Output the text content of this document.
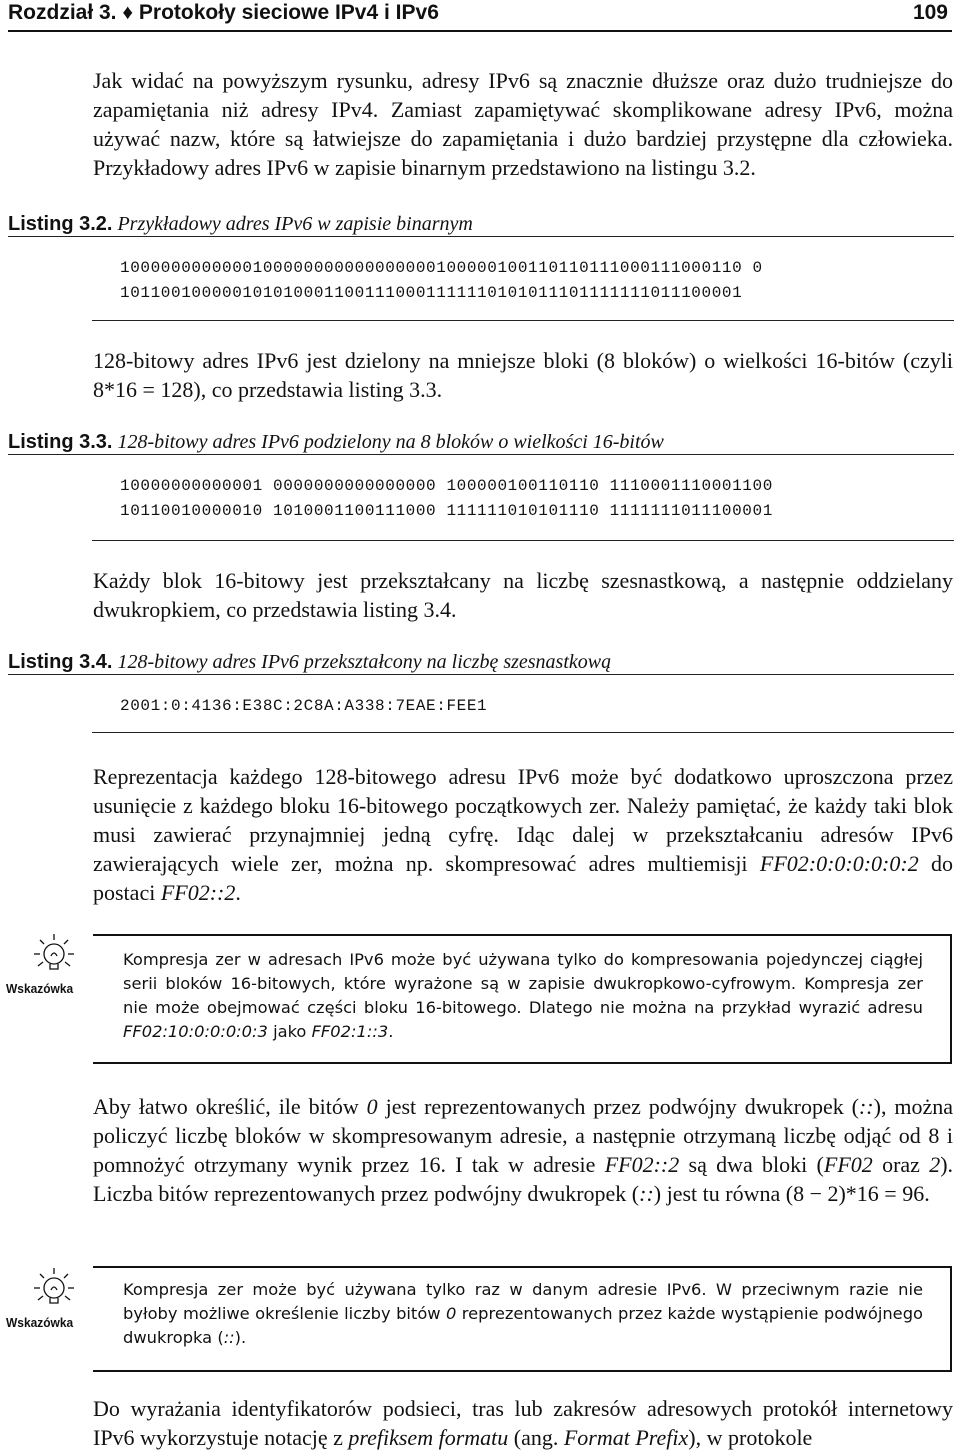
Rozdział 3. ♦ Protokoły sieciowe IPv4 i IPv6	109
Jak widać na powyższym rysunku, adresy IPv6 są znacznie dłuższe oraz dużo trudniejsze do zapamiętania niż adresy IPv4. Zamiast zapamiętywać skomplikowane adresy IPv6, można używać nazw, które są łatwiejsze do zapamiętania i dużo bardziej przystępne dla człowieka. Przykładowy adres IPv6 w zapisie binarnym przedstawiono na listingu 3.2.
Listing 3.2. Przykładowy adres IPv6 w zapisie binarnym
1000000000000100000000000000000100000100110110111000111000110 0
1011001000001010100011001110001111110101011101111111011100001
128-bitowy adres IPv6 jest dzielony na mniejsze bloki (8 bloków) o wielkości 16-bitów (czyli 8*16 = 128), co przedstawia listing 3.3.
Listing 3.3. 128-bitowy adres IPv6 podzielony na 8 bloków o wielkości 16-bitów
10000000000001 0000000000000000 100000100110110 1110001110001100
10110010000010 1010001100111000 111111010101110 1111111011100001
Każdy blok 16-bitowy jest przekształcany na liczbę szesnastkową, a następnie oddzielany dwukropkiem, co przedstawia listing 3.4.
Listing 3.4. 128-bitowy adres IPv6 przekształcony na liczbę szesnastkową
2001:0:4136:E38C:2C8A:A338:7EAE:FEE1
Reprezentacja każdego 128-bitowego adresu IPv6 może być dodatkowo uproszczona przez usunięcie z każdego bloku 16-bitowego początkowych zer. Należy pamiętać, że każdy taki blok musi zawierać przynajmniej jedną cyfrę. Idąc dalej w przekształcaniu adresów IPv6 zawierających wiele zer, można np. skompresować adres multiemisji FF02:0:0:0:0:0:2 do postaci FF02::2.
Wskazówka
Kompresja zer w adresach IPv6 może być używana tylko do kompresowania pojedynczej ciągłej serii bloków 16-bitowych, które wyrażone są w zapisie dwukropkowo-cyfrowym. Kompresja zer nie może obejmować części bloku 16-bitowego. Dlatego nie można na przykład wyrazić adresu FF02:10:0:0:0:0:3 jako FF02:1::3.
Aby łatwo określić, ile bitów 0 jest reprezentowanych przez podwójny dwukropek (::), można policzyć liczbę bloków w skompresowanym adresie, a następnie otrzymaną liczbę odjąć od 8 i pomnożyć otrzymany wynik przez 16. I tak w adresie FF02::2 są dwa bloki (FF02 oraz 2). Liczba bitów reprezentowanych przez podwójny dwukropek (::) jest tu równa (8 − 2)*16 = 96.
Wskazówka
Kompresja zer może być używana tylko raz w danym adresie IPv6. W przeciwnym razie nie byłoby możliwe określenie liczby bitów 0 reprezentowanych przez każde wystąpienie podwójnego dwukropka (::).
Do wyrażania identyfikatorów podsieci, tras lub zakresów adresowych protokół internetowy IPv6 wykorzystuje notację z prefiksem formatu (ang. Format Prefix), w protokole
